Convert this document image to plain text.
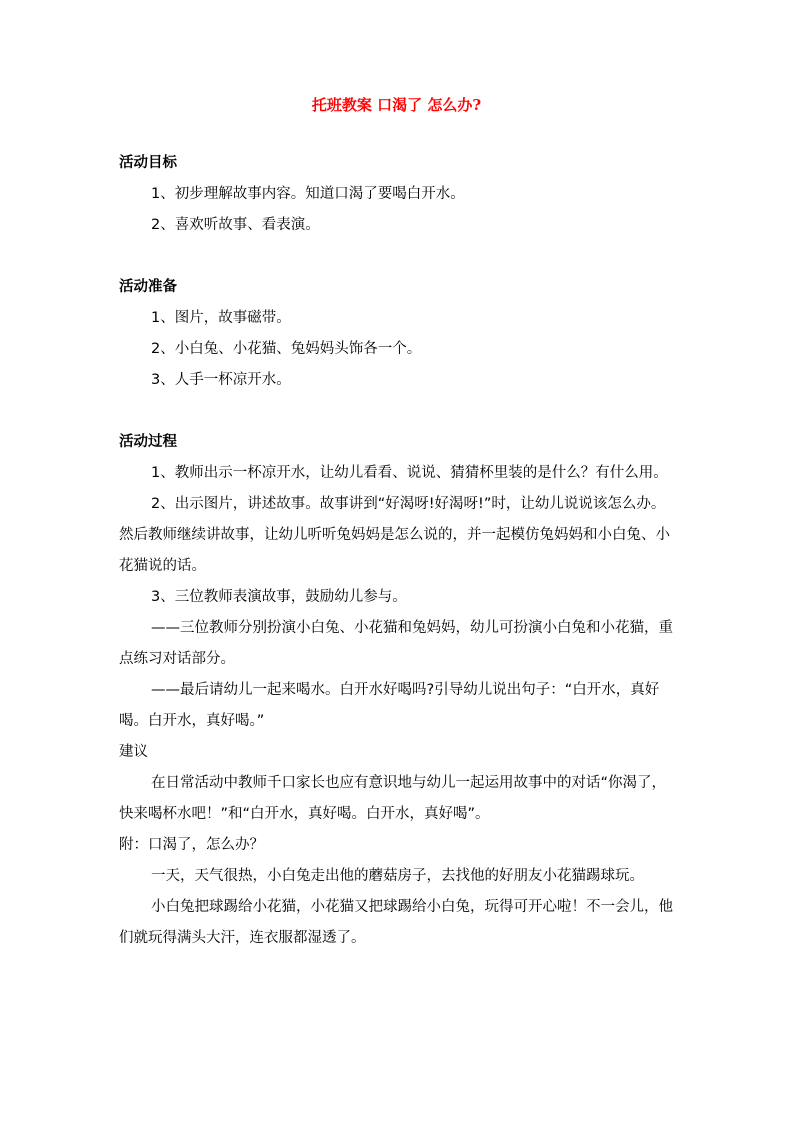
托班教案 口渴了 怎么办?

活动目标

1、初步理解故事内容。知道口渴了要喝白开水。

2、喜欢听故事、看表演。

活动准备

1、图片，故事磁带。

2、小白兔、小花猫、兔妈妈头饰各一个。

3、人手一杯凉开水。

活动过程

1、教师出示一杯凉开水，让幼儿看看、说说、猜猜杯里装的是什么？有什么用。

2、出示图片，讲述故事。故事讲到“好渴呀!好渴呀!”时，让幼儿说说该怎么办。然后教师继续讲故事，让幼儿听听兔妈妈是怎么说的，并一起模仿兔妈妈和小白兔、小花猫说的话。

3、三位教师表演故事，鼓励幼儿参与。

——三位教师分别扮演小白兔、小花猫和兔妈妈，幼儿可扮演小白兔和小花猫，重点练习对话部分。

——最后请幼儿一起来喝水。白开水好喝吗?引导幼儿说出句子：“白开水，真好喝。白开水，真好喝。”

建议

在日常活动中教师千口家长也应有意识地与幼儿一起运用故事中的对话“你渴了，快来喝杯水吧！”和“白开水，真好喝。白开水，真好喝”。

附：口渴了，怎么办？

一天，天气很热，小白兔走出他的蘑菇房子，去找他的好朋友小花猫踢球玩。

小白兔把球踢给小花猫，小花猫又把球踢给小白兔，玩得可开心啦！不一会儿，他们就玩得满头大汗，连衣服都湿透了。
